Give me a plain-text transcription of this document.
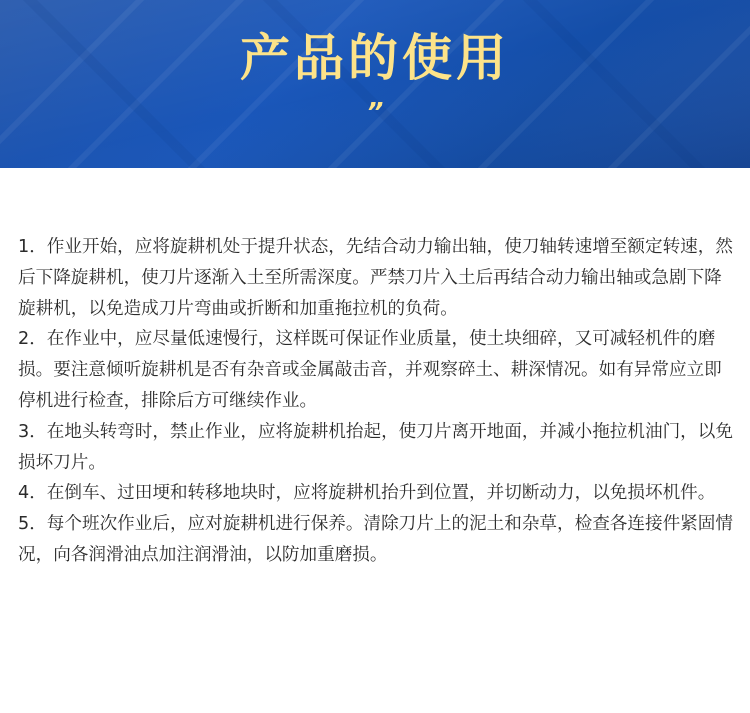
产品的使用
”

1．作业开始，应将旋耕机处于提升状态，先结合动力输出轴，使刀轴转速增至额定转速，然后下降旋耕机，使刀片逐渐入土至所需深度。严禁刀片入土后再结合动力输出轴或急剧下降旋耕机，以免造成刀片弯曲或折断和加重拖拉机的负荷。

2．在作业中，应尽量低速慢行，这样既可保证作业质量，使土块细碎，又可减轻机件的磨损。要注意倾听旋耕机是否有杂音或金属敲击音，并观察碎土、耕深情况。如有异常应立即停机进行检查，排除后方可继续作业。

3．在地头转弯时，禁止作业，应将旋耕机抬起，使刀片离开地面，并减小拖拉机油门，以免损坏刀片。

4．在倒车、过田埂和转移地块时，应将旋耕机抬升到位置，并切断动力，以免损坏机件。

5．每个班次作业后，应对旋耕机进行保养。清除刀片上的泥土和杂草，检查各连接件紧固情况，向各润滑油点加注润滑油，以防加重磨损。
